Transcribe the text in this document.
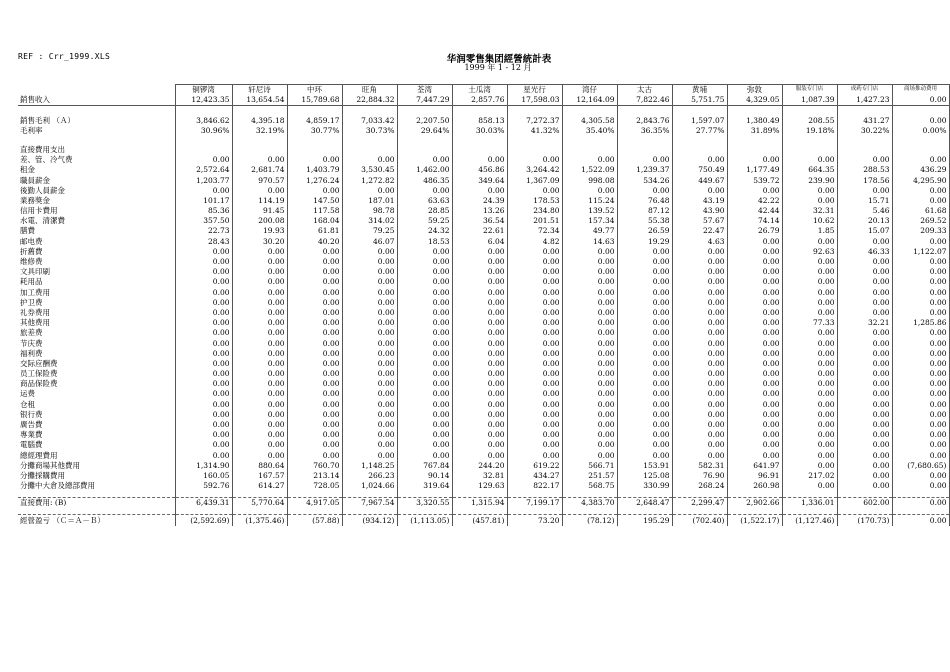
REF : Crr_1999.XLS	华润零售集团經營統計表
1999 年 1 - 12 月
	铜锣湾	轩尼诗	中环	旺角	荃湾	土瓜湾	星光行	湾仔	太古	黄埔	弥敦	服装专门店	成药专门店	商场推动费用
銷售收入	12,423.35	13,654.54	15,789.68	22,884.32	7,447.29	2,857.76	17,598.03	12,164.09	7,822.46	5,751.75	4,329.05	1,087.39	1,427.23	0.00

銷售毛利 （Ａ）	3,846.62	4,395.18	4,859.17	7,033.42	2,207.50	858.13	7,272.37	4,305.58	2,843.76	1,597.07	1,380.49	208.55	431.27	0.00
毛利率	30.96%	32.19%	30.77%	30.73%	29.64%	30.03%	41.32%	35.40%	36.35%	27.77%	31.89%	19.18%	30.22%	0.00%

直接費用支出														
差、管、冷气费	0.00	0.00	0.00	0.00	0.00	0.00	0.00	0.00	0.00	0.00	0.00	0.00	0.00	0.00
租金	2,572.64	2,681.74	1,403.79	3,530.45	1,462.00	456.86	3,264.42	1,522.09	1,239.37	750.49	1,177.49	664.35	288.53	436.29
職員薪金	1,203.77	970.57	1,276.24	1,272.82	486.35	349.64	1,367.09	998.08	534.26	449.67	539.72	239.90	178.56	4,295.90
後勤人員薪金	0.00	0.00	0.00	0.00	0.00	0.00	0.00	0.00	0.00	0.00	0.00	0.00	0.00	0.00
業務獎金	101.17	114.19	147.50	187.01	63.63	24.39	178.53	115.24	76.48	43.19	42.22	0.00	15.71	0.00
信用卡費用	85.36	91.45	117.58	98.78	28.85	13.26	234.80	139.52	87.12	43.90	42.44	32.31	5.46	61.68
水電、清潔費	357.50	200.08	168.04	314.02	59.25	36.54	201.51	157.34	55.38	57.67	74.14	10.62	20.13	269.52
膳費	22.73	19.93	61.81	79.25	24.32	22.61	72.34	49.77	26.59	22.47	26.79	1.85	15.07	209.33
邮电费	28.43	30.20	40.20	46.07	18.53	6.04	4.82	14.63	19.29	4.63	0.00	0.00	0.00	0.00
折舊費	0.00	0.00	0.00	0.00	0.00	0.00	0.00	0.00	0.00	0.00	0.00	92.63	46.33	1,122.07
维修费	0.00	0.00	0.00	0.00	0.00	0.00	0.00	0.00	0.00	0.00	0.00	0.00	0.00	0.00
文具印刷	0.00	0.00	0.00	0.00	0.00	0.00	0.00	0.00	0.00	0.00	0.00	0.00	0.00	0.00
耗用品	0.00	0.00	0.00	0.00	0.00	0.00	0.00	0.00	0.00	0.00	0.00	0.00	0.00	0.00
加工费用	0.00	0.00	0.00	0.00	0.00	0.00	0.00	0.00	0.00	0.00	0.00	0.00	0.00	0.00
护卫费	0.00	0.00	0.00	0.00	0.00	0.00	0.00	0.00	0.00	0.00	0.00	0.00	0.00	0.00
礼券费用	0.00	0.00	0.00	0.00	0.00	0.00	0.00	0.00	0.00	0.00	0.00	0.00	0.00	0.00
其他费用	0.00	0.00	0.00	0.00	0.00	0.00	0.00	0.00	0.00	0.00	0.00	77.33	32.21	1,285.86
旅差费	0.00	0.00	0.00	0.00	0.00	0.00	0.00	0.00	0.00	0.00	0.00	0.00	0.00	0.00
节庆费	0.00	0.00	0.00	0.00	0.00	0.00	0.00	0.00	0.00	0.00	0.00	0.00	0.00	0.00
福利费	0.00	0.00	0.00	0.00	0.00	0.00	0.00	0.00	0.00	0.00	0.00	0.00	0.00	0.00
交际应酬费	0.00	0.00	0.00	0.00	0.00	0.00	0.00	0.00	0.00	0.00	0.00	0.00	0.00	0.00
员工保险费	0.00	0.00	0.00	0.00	0.00	0.00	0.00	0.00	0.00	0.00	0.00	0.00	0.00	0.00
商品保险费	0.00	0.00	0.00	0.00	0.00	0.00	0.00	0.00	0.00	0.00	0.00	0.00	0.00	0.00
运费	0.00	0.00	0.00	0.00	0.00	0.00	0.00	0.00	0.00	0.00	0.00	0.00	0.00	0.00
仓租	0.00	0.00	0.00	0.00	0.00	0.00	0.00	0.00	0.00	0.00	0.00	0.00	0.00	0.00
银行费	0.00	0.00	0.00	0.00	0.00	0.00	0.00	0.00	0.00	0.00	0.00	0.00	0.00	0.00
廣告費	0.00	0.00	0.00	0.00	0.00	0.00	0.00	0.00	0.00	0.00	0.00	0.00	0.00	0.00
專業費	0.00	0.00	0.00	0.00	0.00	0.00	0.00	0.00	0.00	0.00	0.00	0.00	0.00	0.00
電腦費	0.00	0.00	0.00	0.00	0.00	0.00	0.00	0.00	0.00	0.00	0.00	0.00	0.00	0.00
總經理費用	0.00	0.00	0.00	0.00	0.00	0.00	0.00	0.00	0.00	0.00	0.00	0.00	0.00	0.00
分攤商場其他費用	1,314.90	880.64	760.70	1,148.25	767.84	244.20	619.22	566.71	153.91	582.31	641.97	0.00	0.00	(7,680.65)
分攤採購費用	160.05	167.57	213.14	266.23	90.14	32.81	434.27	251.57	125.08	76.90	96.91	217.02	0.00	0.00
分攤中大倉及總部費用	592.76	614.27	728.05	1,024.66	319.64	129.63	822.17	568.75	330.99	268.24	260.98	0.00	0.00	0.00

直接費用: (B)	6,439.31	5,770.64	4,917.05	7,967.54	3,320.55	1,315.94	7,199.17	4,383.70	2,648.47	2,299.47	2,902.66	1,336.01	602.00	0.00

經營盈亏 （Ｃ＝Ａ－Ｂ）	(2,592.69)	(1,375.46)	(57.88)	(934.12)	(1,113.05)	(457.81)	73.20	(78.12)	195.29	(702.40)	(1,522.17)	(1,127.46)	(170.73)	0.00
